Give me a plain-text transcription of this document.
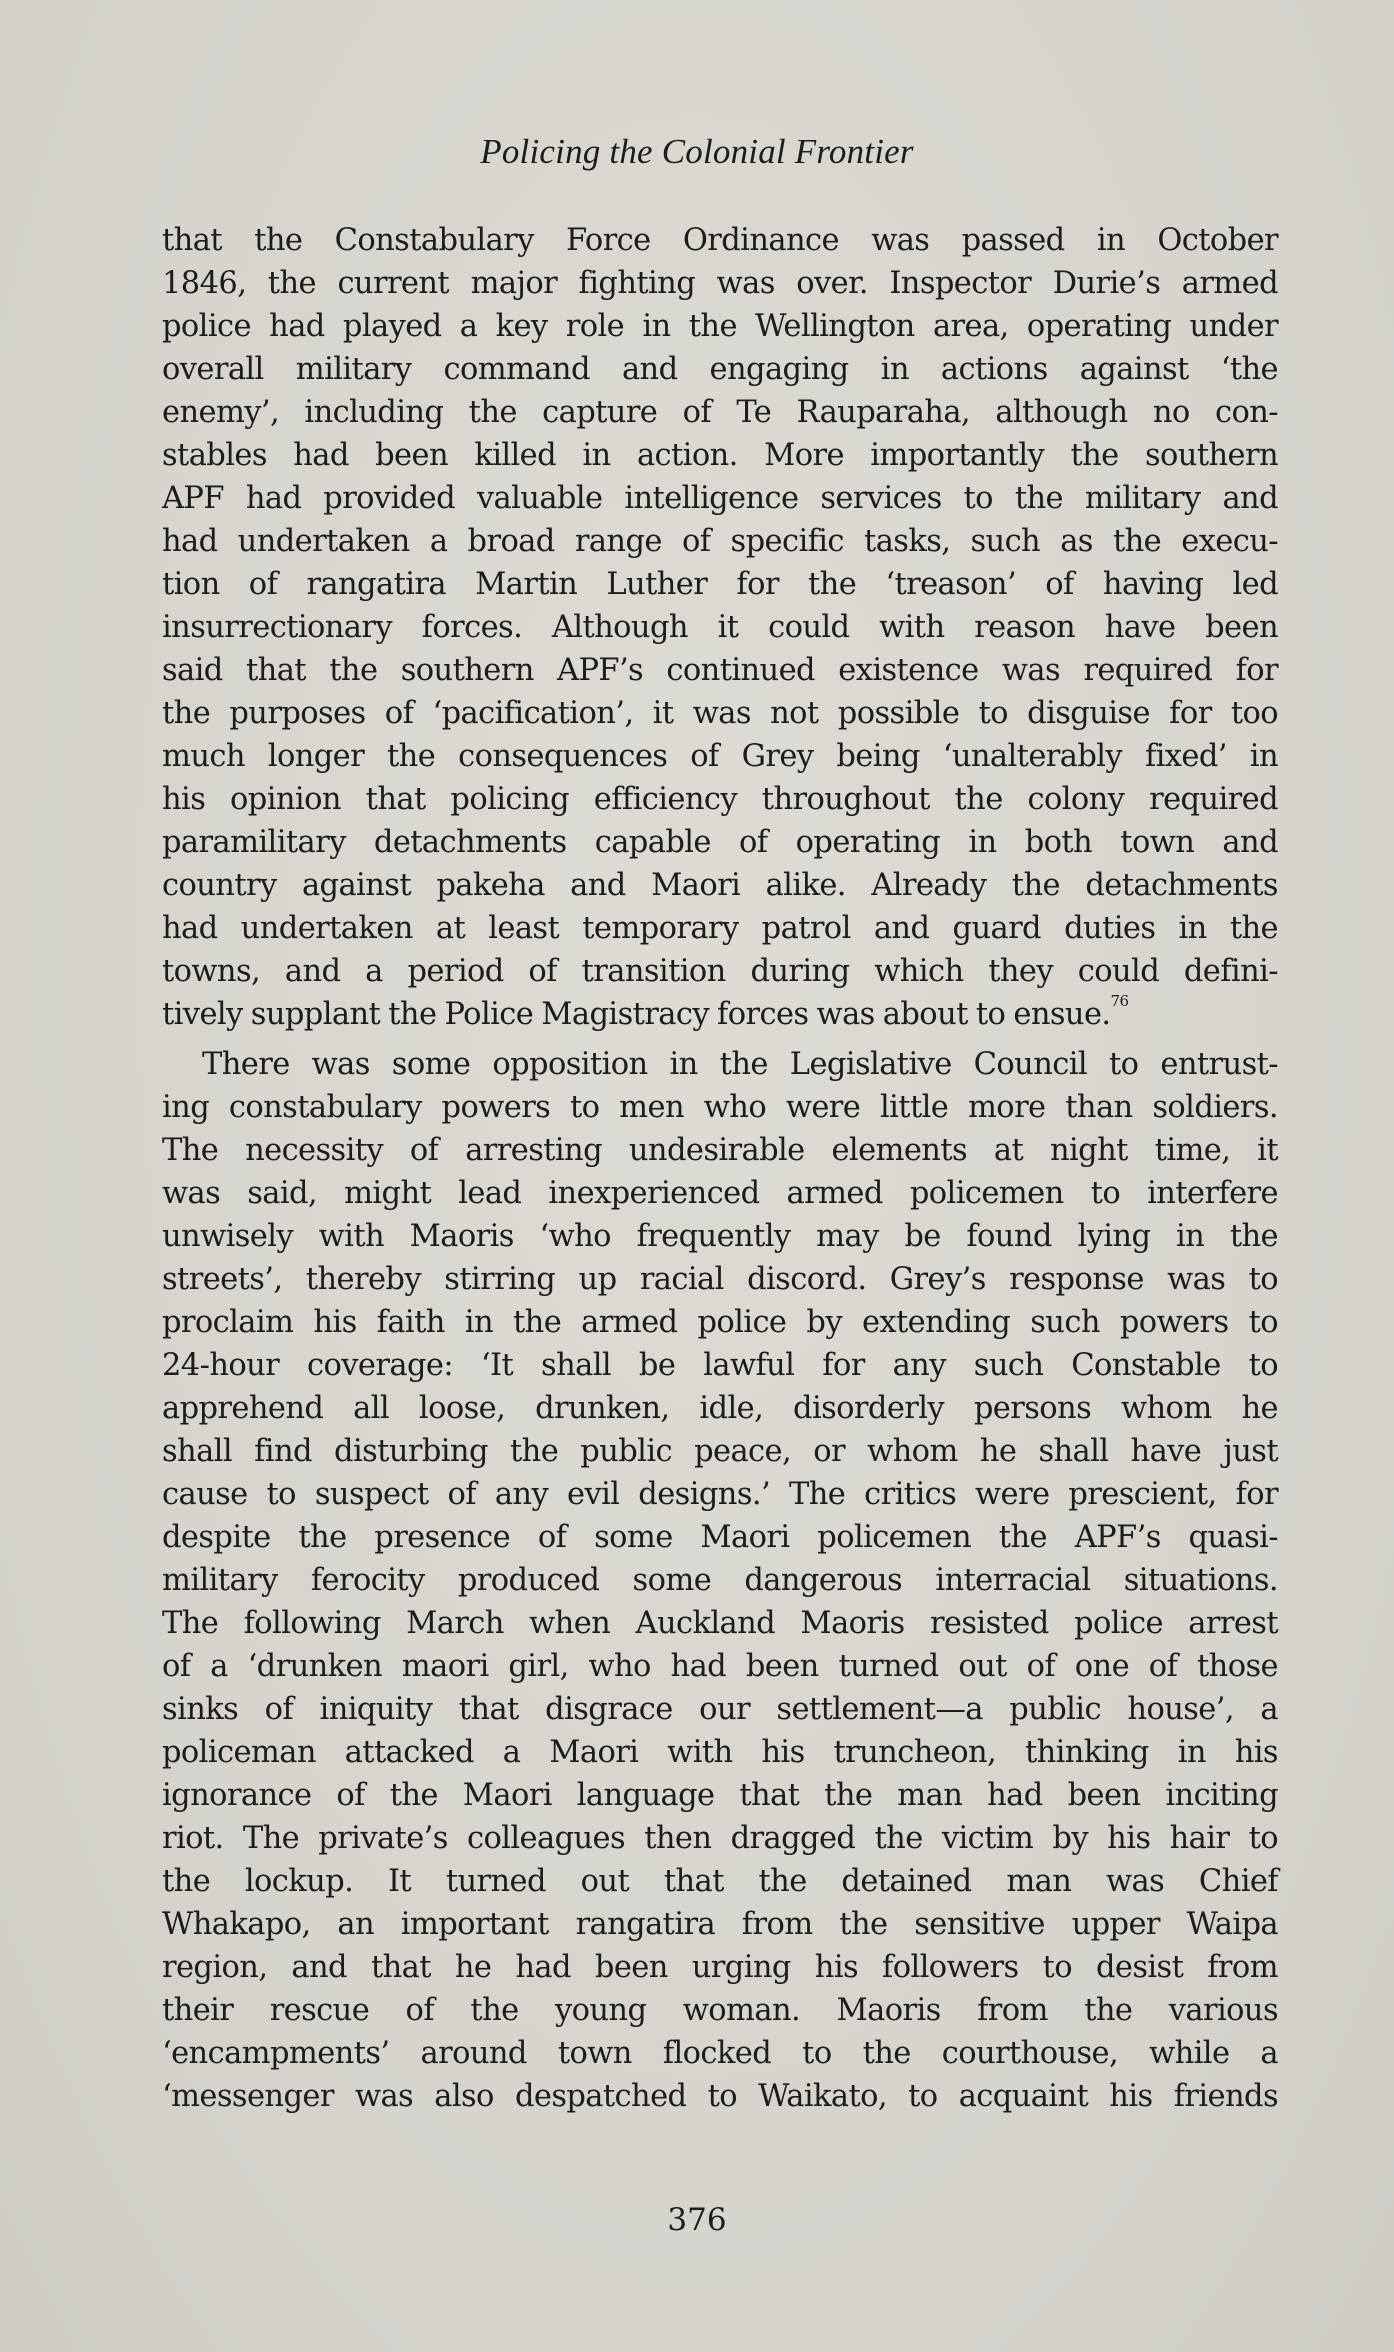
Policing the Colonial Frontier
that the Constabulary Force Ordinance was passed in October
1846, the current major fighting was over. Inspector Durie’s armed
police had played a key role in the Wellington area, operating under
overall military command and engaging in actions against ‘the
enemy’, including the capture of Te Rauparaha, although no con-
stables had been killed in action. More importantly the southern
APF had provided valuable intelligence services to the military and
had undertaken a broad range of specific tasks, such as the execu-
tion of rangatira Martin Luther for the ‘treason’ of having led
insurrectionary forces. Although it could with reason have been
said that the southern APF’s continued existence was required for
the purposes of ‘pacification’, it was not possible to disguise for too
much longer the consequences of Grey being ‘unalterably fixed’ in
his opinion that policing efficiency throughout the colony required
paramilitary detachments capable of operating in both town and
country against pakeha and Maori alike. Already the detachments
had undertaken at least temporary patrol and guard duties in the
towns, and a period of transition during which they could defini-
tively supplant the Police Magistracy forces was about to ensue.$^{76}$
There was some opposition in the Legislative Council to entrust-
ing constabulary powers to men who were little more than soldiers.
The necessity of arresting undesirable elements at night time, it
was said, might lead inexperienced armed policemen to interfere
unwisely with Maoris ‘who frequently may be found lying in the
streets’, thereby stirring up racial discord. Grey’s response was to
proclaim his faith in the armed police by extending such powers to
24-hour coverage: ‘It shall be lawful for any such Constable to
apprehend all loose, drunken, idle, disorderly persons whom he
shall find disturbing the public peace, or whom he shall have just
cause to suspect of any evil designs.’ The critics were prescient, for
despite the presence of some Maori policemen the APF’s quasi-
military ferocity produced some dangerous interracial situations.
The following March when Auckland Maoris resisted police arrest
of a ‘drunken maori girl, who had been turned out of one of those
sinks of iniquity that disgrace our settlement—a public house’, a
policeman attacked a Maori with his truncheon, thinking in his
ignorance of the Maori language that the man had been inciting
riot. The private’s colleagues then dragged the victim by his hair to
the lockup. It turned out that the detained man was Chief
Whakapo, an important rangatira from the sensitive upper Waipa
region, and that he had been urging his followers to desist from
their rescue of the young woman. Maoris from the various
‘encampments’ around town flocked to the courthouse, while a
‘messenger was also despatched to Waikato, to acquaint his friends
376
